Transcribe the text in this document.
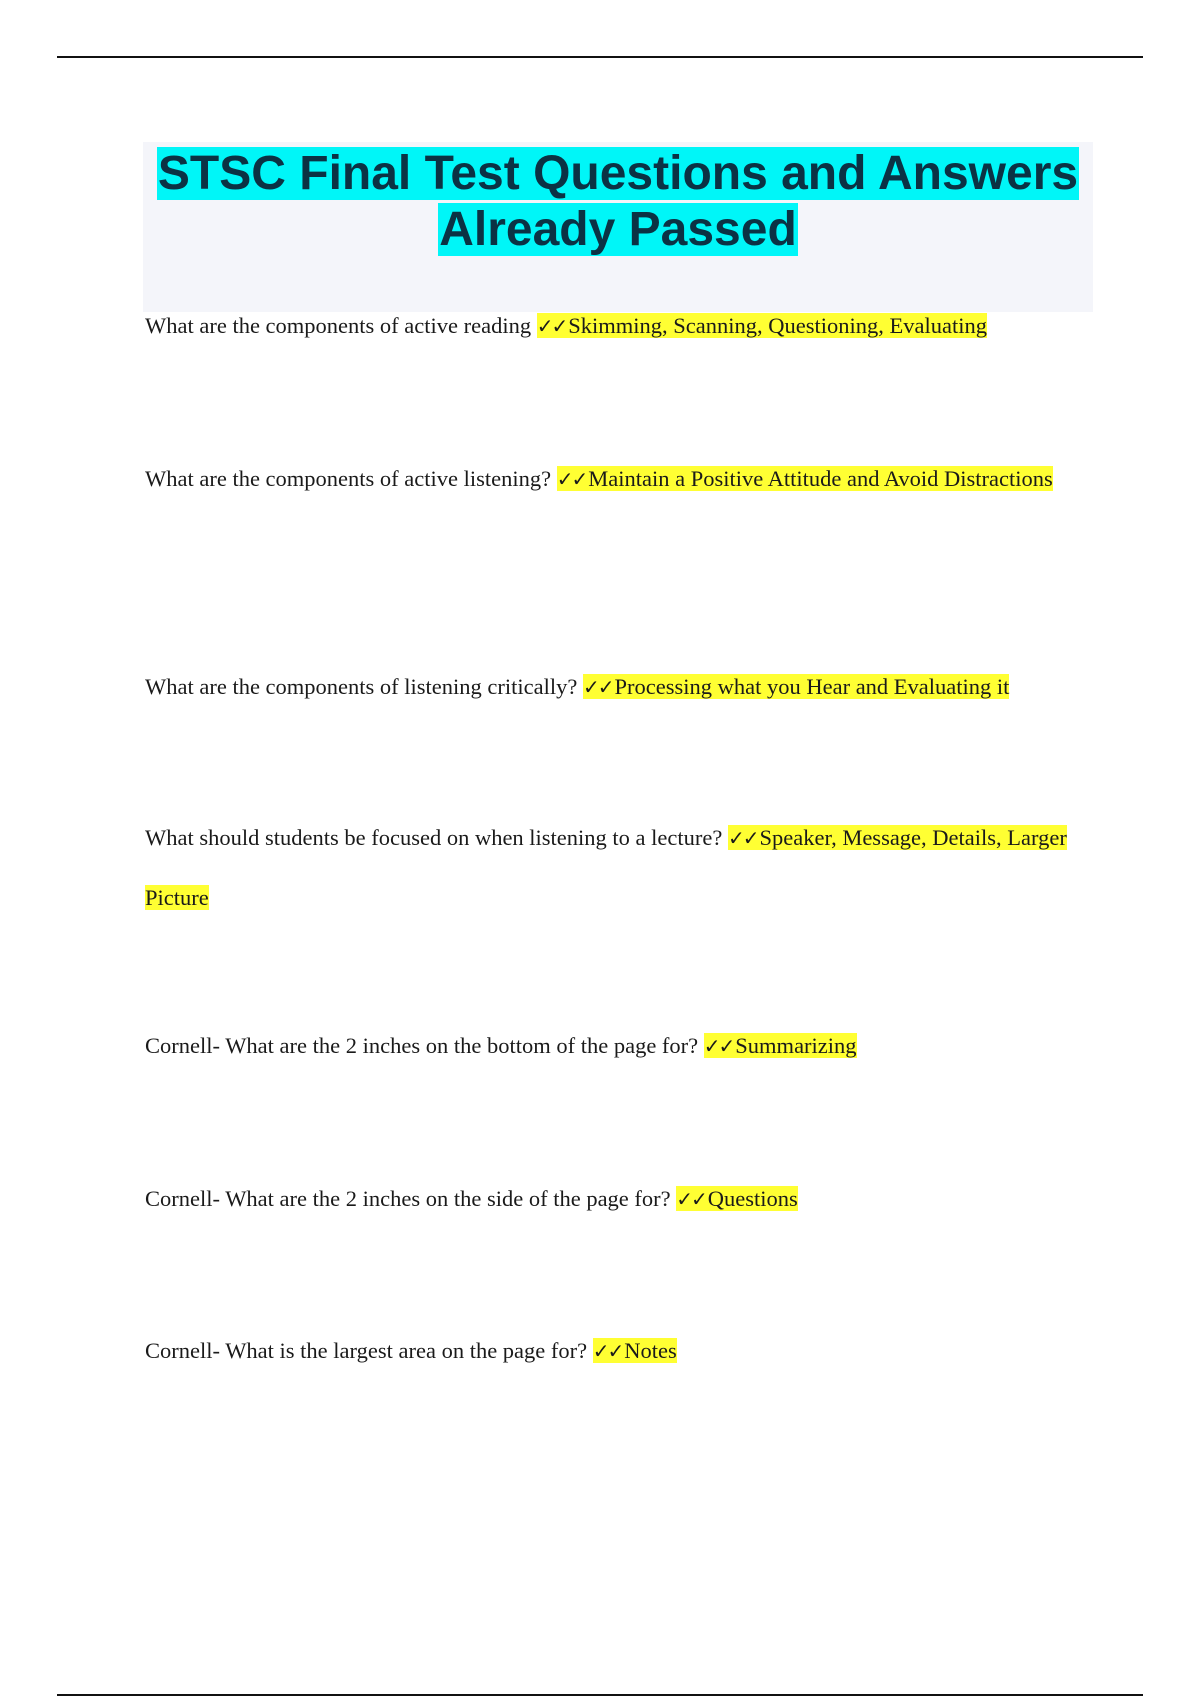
STSC Final Test Questions and Answers Already Passed

What are the components of active reading ✓✓Skimming, Scanning, Questioning, Evaluating

What are the components of active listening? ✓✓Maintain a Positive Attitude and Avoid Distractions

What are the components of listening critically? ✓✓Processing what you Hear and Evaluating it

What should students be focused on when listening to a lecture? ✓✓Speaker, Message, Details, Larger Picture

Cornell- What are the 2 inches on the bottom of the page for? ✓✓Summarizing

Cornell- What are the 2 inches on the side of the page for? ✓✓Questions

Cornell- What is the largest area on the page for? ✓✓Notes
